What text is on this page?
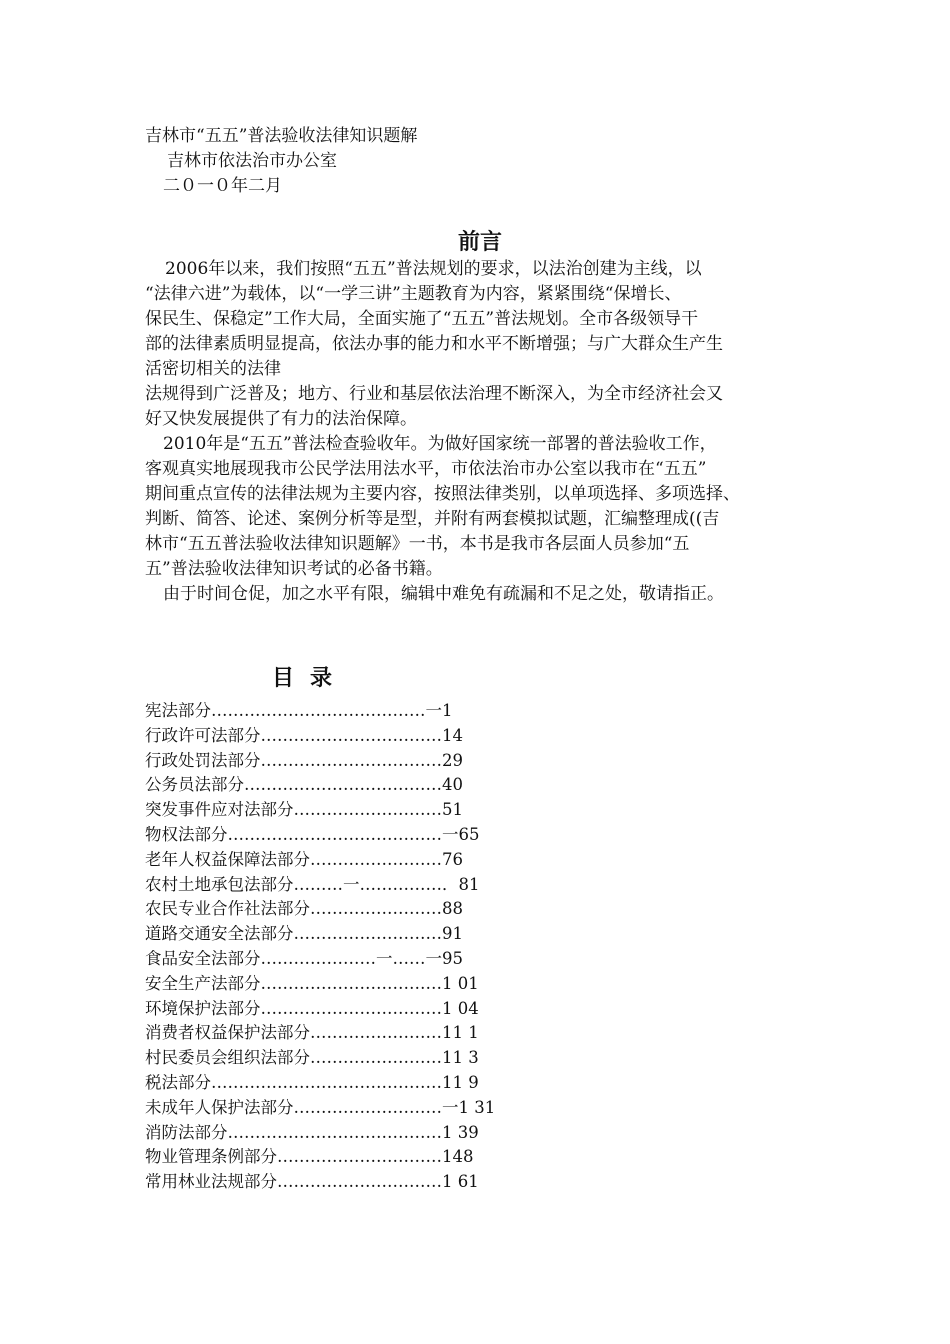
吉林市“五五”普法验收法律知识题解
吉林市依法治市办公室
二０一０年二月
前言

2006年以来，我们按照“五五”普法规划的要求，以法治创建为主线，以

“法律六进”为载体，以“一学三讲”主题教育为内容，紧紧围绕“保增长、

保民生、保稳定”工作大局，全面实施了“五五”普法规划。全市各级领导干

部的法律素质明显提高，依法办事的能力和水平不断增强；与广大群众生产生

活密切相关的法律

法规得到广泛普及；地方、行业和基层依法治理不断深入，为全市经济社会又

好又快发展提供了有力的法治保障。

2010年是“五五”普法检查验收年。为做好国家统一部署的普法验收工作，

客观真实地展现我市公民学法用法水平，市依法治市办公室以我市在“五五”

期间重点宣传的法律法规为主要内容，按照法律类别，以单项选择、多项选择、

判断、简答、论述、案例分析等是型，并附有两套模拟试题，汇编整理成((吉

林市“五五普法验收法律知识题解》一书，本书是我市各层面人员参加“五

五”普法验收法律知识考试的必备书籍。

由于时间仓促，加之水平有限，编辑中难免有疏漏和不足之处，敬请指正。

目录
宪法部分…………………………………一1
行政许可法部分……………………………14
行政处罚法部分……………………………29
公务员法部分………………………………40
突发事件应对法部分………………………51
物权法部分…………………………………一65
老年人权益保障法部分……………………76
农村土地承包法部分………一……………．81
农民专业合作社法部分……………………88
道路交通安全法部分………………………91
食品安全法部分…………………一……一95
安全生产法部分……………………………1 01
环境保护法部分……………………………1 04
消费者权益保护法部分……………………11 1
村民委员会组织法部分……………………11 3
税法部分……………………………………11 9
未成年人保护法部分………………………一1 31
消防法部分…………………………………1 39
物业管理条例部分…………………………148
常用林业法规部分…………………………1 61
